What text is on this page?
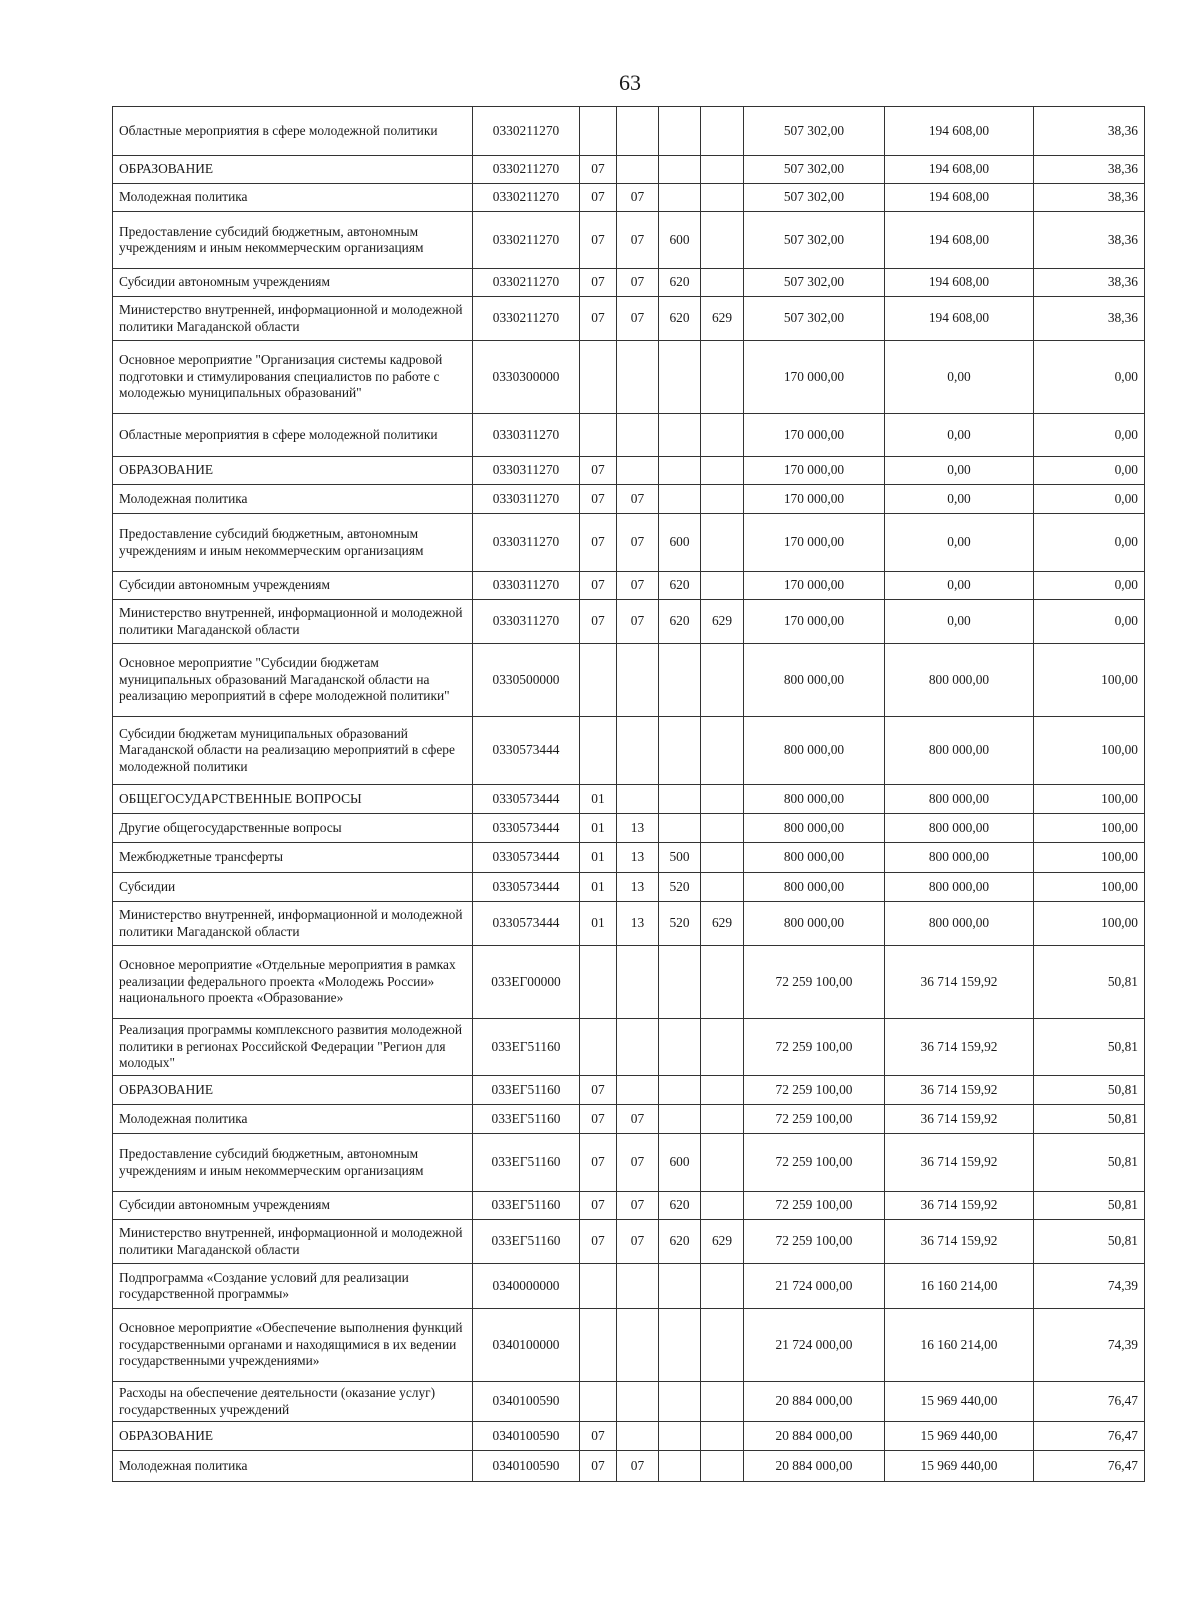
63
Областные мероприятия в сфере молодежной политики	0330211270					507 302,00	194 608,00	38,36
ОБРАЗОВАНИЕ	0330211270	07				507 302,00	194 608,00	38,36
Молодежная политика	0330211270	07	07			507 302,00	194 608,00	38,36
Предоставление субсидий бюджетным, автономным учреждениям и иным некоммерческим организациям	0330211270	07	07	600		507 302,00	194 608,00	38,36
Субсидии автономным учреждениям	0330211270	07	07	620		507 302,00	194 608,00	38,36
Министерство внутренней, информационной и молодежной политики Магаданской области	0330211270	07	07	620	629	507 302,00	194 608,00	38,36
Основное мероприятие "Организация системы кадровой подготовки и стимулирования специалистов по работе с молодежью муниципальных образований"	0330300000					170 000,00	0,00	0,00
Областные мероприятия в сфере молодежной политики	0330311270					170 000,00	0,00	0,00
ОБРАЗОВАНИЕ	0330311270	07				170 000,00	0,00	0,00
Молодежная политика	0330311270	07	07			170 000,00	0,00	0,00
Предоставление субсидий бюджетным, автономным учреждениям и иным некоммерческим организациям	0330311270	07	07	600		170 000,00	0,00	0,00
Субсидии автономным учреждениям	0330311270	07	07	620		170 000,00	0,00	0,00
Министерство внутренней, информационной и молодежной политики Магаданской области	0330311270	07	07	620	629	170 000,00	0,00	0,00
Основное мероприятие "Субсидии бюджетам муниципальных образований Магаданской области на реализацию мероприятий в сфере молодежной политики"	0330500000					800 000,00	800 000,00	100,00
Субсидии бюджетам муниципальных образований Магаданской области на реализацию мероприятий в сфере молодежной политики	0330573444					800 000,00	800 000,00	100,00
ОБЩЕГОСУДАРСТВЕННЫЕ ВОПРОСЫ	0330573444	01				800 000,00	800 000,00	100,00
Другие общегосударственные вопросы	0330573444	01	13			800 000,00	800 000,00	100,00
Межбюджетные трансферты	0330573444	01	13	500		800 000,00	800 000,00	100,00
Субсидии	0330573444	01	13	520		800 000,00	800 000,00	100,00
Министерство внутренней, информационной и молодежной политики Магаданской области	0330573444	01	13	520	629	800 000,00	800 000,00	100,00
Основное мероприятие «Отдельные мероприятия в рамках реализации федерального проекта «Молодежь России» национального проекта «Образование»	033ЕГ00000					72 259 100,00	36 714 159,92	50,81
Реализация программы комплексного развития молодежной политики в регионах Российской Федерации "Регион для молодых"	033ЕГ51160					72 259 100,00	36 714 159,92	50,81
ОБРАЗОВАНИЕ	033ЕГ51160	07				72 259 100,00	36 714 159,92	50,81
Молодежная политика	033ЕГ51160	07	07			72 259 100,00	36 714 159,92	50,81
Предоставление субсидий бюджетным, автономным учреждениям и иным некоммерческим организациям	033ЕГ51160	07	07	600		72 259 100,00	36 714 159,92	50,81
Субсидии автономным учреждениям	033ЕГ51160	07	07	620		72 259 100,00	36 714 159,92	50,81
Министерство внутренней, информационной и молодежной политики Магаданской области	033ЕГ51160	07	07	620	629	72 259 100,00	36 714 159,92	50,81
Подпрограмма «Создание условий для реализации государственной программы»	0340000000					21 724 000,00	16 160 214,00	74,39
Основное мероприятие «Обеспечение выполнения функций государственными органами и находящимися в их ведении государственными учреждениями»	0340100000					21 724 000,00	16 160 214,00	74,39
Расходы на обеспечение деятельности (оказание услуг) государственных учреждений	0340100590					20 884 000,00	15 969 440,00	76,47
ОБРАЗОВАНИЕ	0340100590	07				20 884 000,00	15 969 440,00	76,47
Молодежная политика	0340100590	07	07			20 884 000,00	15 969 440,00	76,47
